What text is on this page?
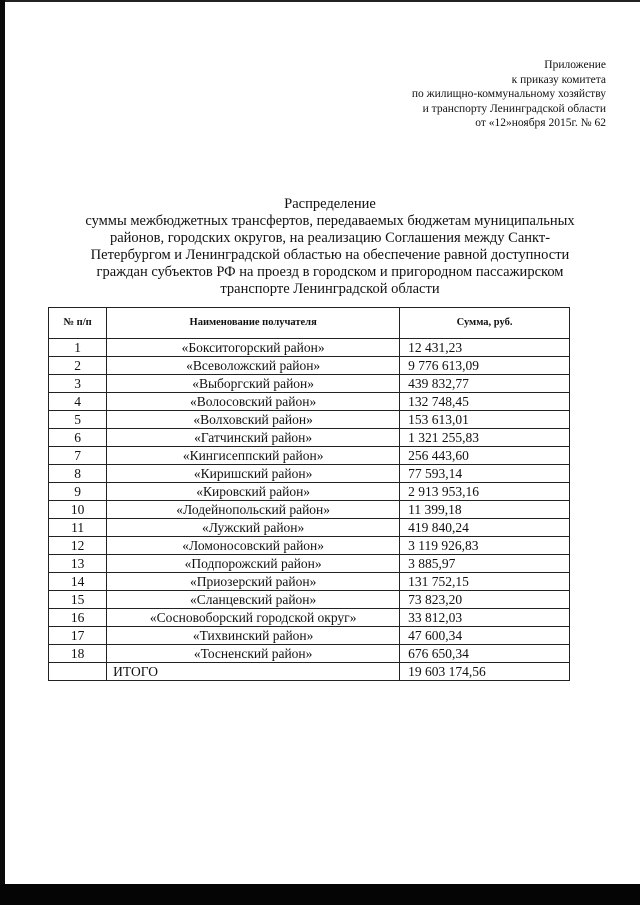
Приложение
к приказу комитета
по жилищно-коммунальному хозяйству
и транспорту Ленинградской области
от «12»ноября 2015г. № 62
Распределение
суммы межбюджетных трансфертов, передаваемых бюджетам муниципальных
районов, городских округов, на реализацию Соглашения между Санкт-
Петербургом и Ленинградской областью на обеспечение равной доступности
граждан субъектов РФ на проезд в городском и пригородном пассажирском
транспорте Ленинградской области
№ п/п	Наименование получателя	Сумма, руб.
1	«Бокситогорский район»	12 431,23
2	«Всеволожский район»	9 776 613,09
3	«Выборгский район»	439 832,77
4	«Волосовский район»	132 748,45
5	«Волховский район»	153 613,01
6	«Гатчинский район»	1 321 255,83
7	«Кингисеппский район»	256 443,60
8	«Киришский район»	77 593,14
9	«Кировский район»	2 913 953,16
10	«Лодейнопольский район»	11 399,18
11	«Лужский район»	419 840,24
12	«Ломоносовский район»	3 119 926,83
13	«Подпорожский район»	3 885,97
14	«Приозерский район»	131 752,15
15	«Сланцевский район»	73 823,20
16	«Сосновоборский городской округ»	33 812,03
17	«Тихвинский район»	47 600,34
18	«Тосненский район»	676 650,34
	ИТОГО	19 603 174,56
